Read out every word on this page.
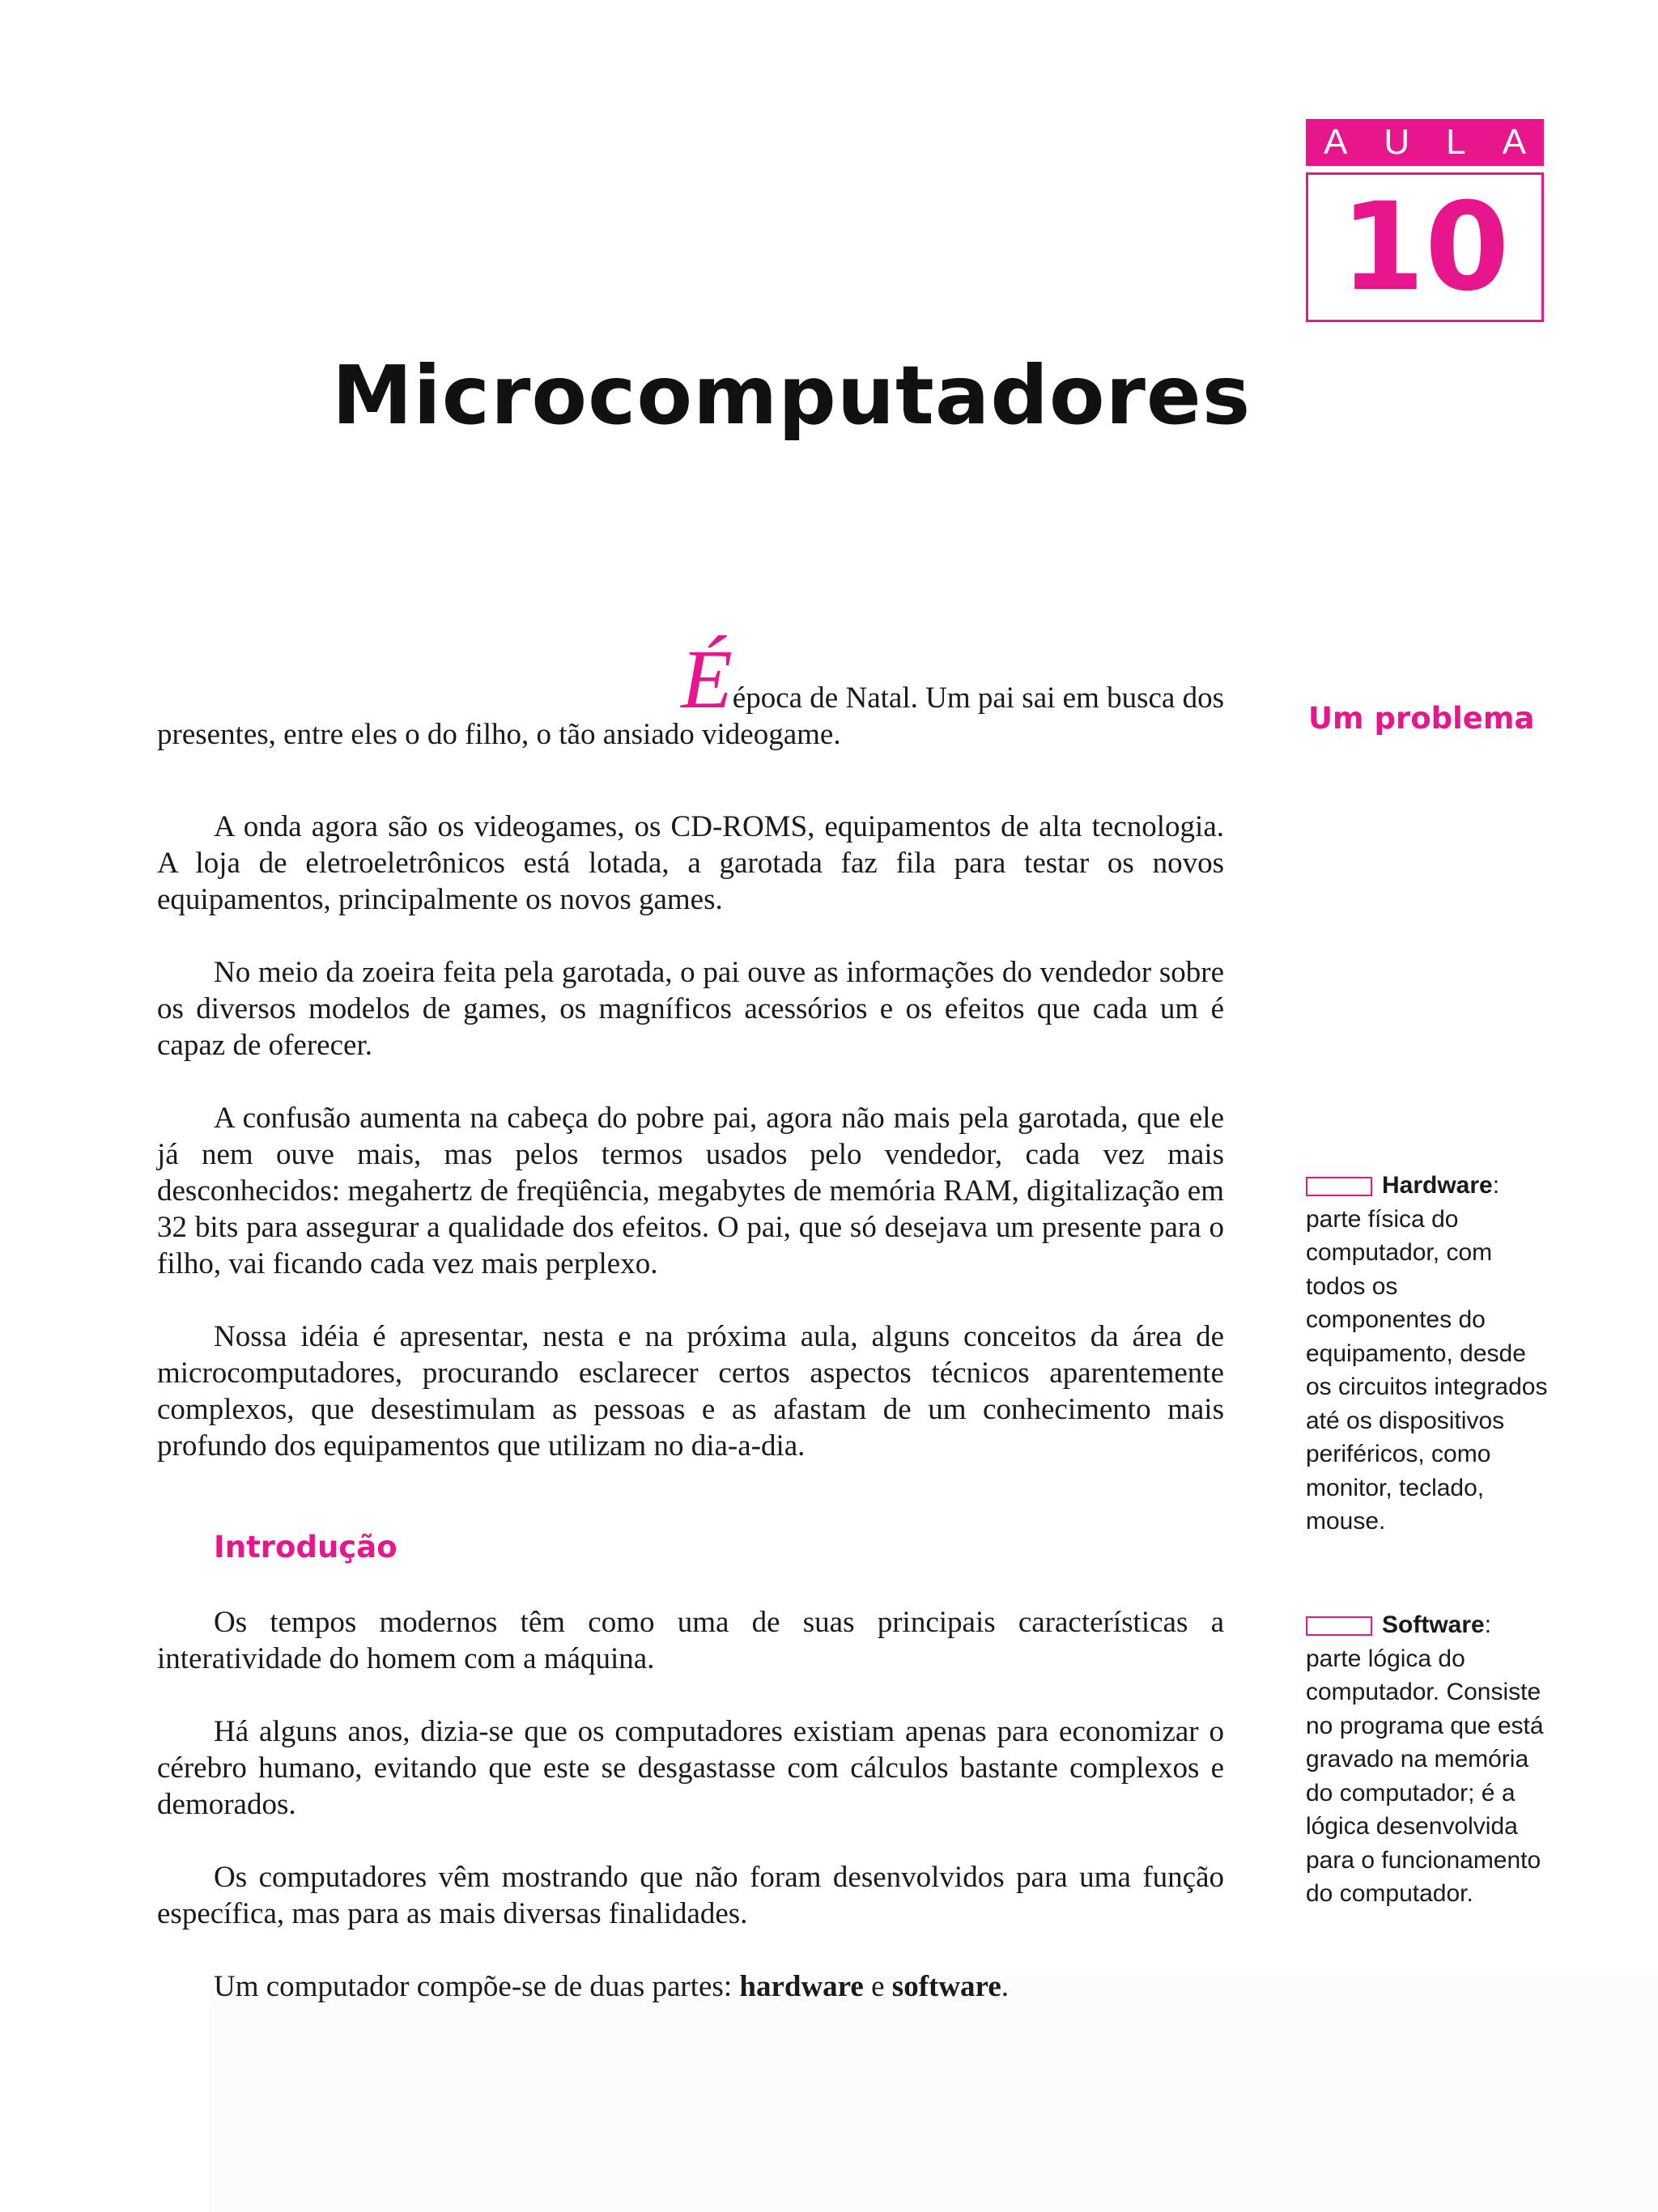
A U L A
10
Microcomputadores
Um problema
Éépoca de Natal. Um pai sai em busca dos
presentes, entre eles o do filho, o tão ansiado videogame.

A onda agora são os videogames, os CD-ROMS, equipamentos de alta tecnologia. A loja de eletroeletrônicos está lotada, a garotada faz fila para testar os novos equipamentos, principalmente os novos games.

No meio da zoeira feita pela garotada, o pai ouve as informações do vendedor sobre os diversos modelos de games, os magníficos acessórios e os efeitos que cada um é capaz de oferecer.

A confusão aumenta na cabeça do pobre pai, agora não mais pela garotada, que ele já nem ouve mais, mas pelos termos usados pelo vendedor, cada vez mais desconhecidos: megahertz de freqüência, megabytes de memória RAM, digitalização em 32 bits para assegurar a qualidade dos efeitos. O pai, que só desejava um presente para o filho, vai ficando cada vez mais perplexo.

Nossa idéia é apresentar, nesta e na próxima aula, alguns conceitos da área de microcomputadores, procurando esclarecer certos aspectos técnicos aparentemente complexos, que desestimulam as pessoas e as afastam de um conhecimento mais profundo dos equipamentos que utilizam no dia-a-dia.

Introdução

Os tempos modernos têm como uma de suas principais características a interatividade do homem com a máquina.

Há alguns anos, dizia-se que os computadores existiam apenas para economizar o cérebro humano, evitando que este se desgastasse com cálculos bastante complexos e demorados.

Os computadores vêm mostrando que não foram desenvolvidos para uma função específica, mas para as mais diversas finalidades.

Um computador compõe-se de duas partes: hardware e software.

Hardware: parte física do computador, com todos os componentes do equipamento, desde os circuitos integrados até os dispositivos periféricos, como monitor, teclado, mouse.
Software: parte lógica do computador. Consiste no programa que está gravado na memória do computador; é a lógica desenvolvida para o funcionamento do computador.
